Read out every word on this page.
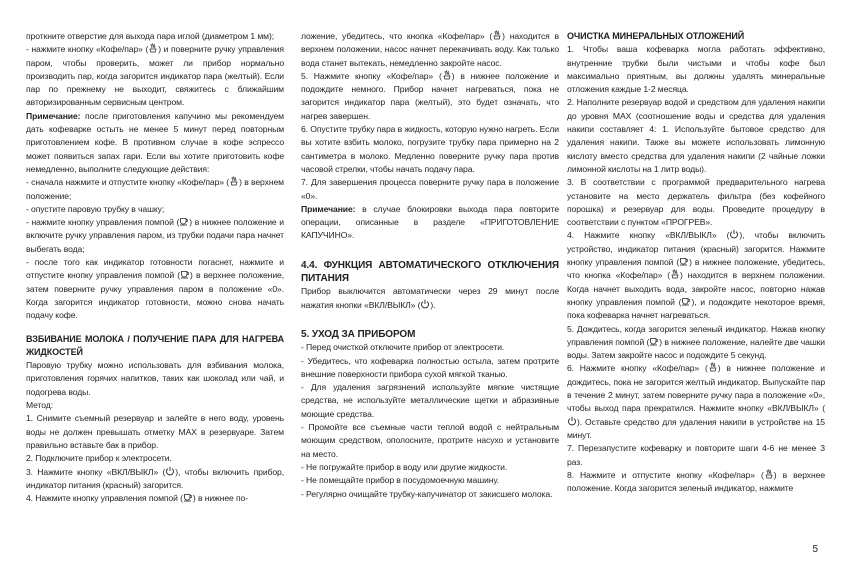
проткните отверстие для выхода пара иглой (диаметром 1 мм);

- нажмите кнопку «Кофе/пар» ( ) и поверните ручку управления паром, чтобы проверить, может ли прибор нормально производить пар, когда загорится индикатор пара (желтый). Если пар по прежнему не выходит, свяжитесь с ближайшим авторизированным сервисным центром.

Примечание: после приготовления капучино мы рекомендуем дать кофеварке остыть не менее 5 минут перед повторным приготовлением кофе. В противном случае в кофе эспрессо может появиться запах гари. Если вы хотите приготовить кофе немедленно, выполните следующие действия:

- сначала нажмите и отпустите кнопку «Кофе/пар» ( ) в верхнем положение;

- опустите паровую трубку в чашку;

- нажмите кнопку управления помпой ( ) в нижнее положение и включите ручку управления паром, из трубки подачи пара начнет выбегать вода;

- после того как индикатор готовности погаснет, нажмите и отпустите кнопку управления помпой ( ) в верхнее положение, затем поверните ручку управления паром в положение «0». Когда загорится индикатор готовности, можно снова начать подачу кофе.

ВЗБИВАНИЕ МОЛОКА / ПОЛУЧЕНИЕ ПАРА ДЛЯ НАГРЕВА ЖИДКОСТЕЙ

Паровую трубку можно использовать для взбивания молока, приготовления горячих напитков, таких как шоколад или чай, и подогрева воды.

Метод:

1. Снимите съемный резервуар и залейте в него воду, уровень воды не должен превышать отметку MAX в резервуаре. Затем правильно вставьте бак в прибор.

2. Подключите прибор к электросети.

3. Нажмите кнопку «ВКЛ/ВЫКЛ» ( ), чтобы включить прибор, индикатор питания (красный) загорится.

4. Нажмите кнопку управления помпой ( ) в нижнее по-

ложение, убедитесь, что кнопка «Кофе/пар» ( ) находится в верхнем положении, насос начнет перекачивать воду. Как только вода станет вытекать, немедленно закройте насос.

5. Нажмите кнопку «Кофе/пар» ( ) в нижнее положение и подождите немного. Прибор начнет нагреваться, пока не загорится индикатор пара (желтый), это будет означать, что нагрев завершен.

6. Опустите трубку пара в жидкость, которую нужно нагреть. Если вы хотите взбить молоко, погрузите трубку пара примерно на 2 сантиметра в молоко. Медленно поверните ручку пара против часовой стрелки, чтобы начать подачу пара.

7. Для завершения процесса поверните ручку пара в положение «0».

Примечание: в случае блокировки выхода пара повторите операции, описанные в разделе «ПРИГОТОВЛЕНИЕ КАПУЧИНО».

4.4. ФУНКЦИЯ АВТОМАТИЧЕСКОГО ОТКЛЮЧЕНИЯ ПИТАНИЯ

Прибор выключится автоматически через 29 минут после нажатия кнопки «ВКЛ/ВЫКЛ» ( ).

5. УХОД ЗА ПРИБОРОМ

- Перед очисткой отключите прибор от электросети.

- Убедитесь, что кофеварка полностью остыла, затем протрите внешние поверхности прибора сухой мягкой тканью.

- Для удаления загрязнений используйте мягкие чистящие средства, не используйте металлические щетки и абразивные моющие средства.

- Промойте все съемные части теплой водой с нейтральным моющим средством, ополосните, протрите насухо и установите на место.

- Не погружайте прибор в воду или другие жидкости.

- Не помещайте прибор в посудомоечную машину.

- Регулярно очищайте трубку-капучинатор от закисшего молока.

ОЧИСТКА МИНЕРАЛЬНЫХ ОТЛОЖЕНИЙ

1. Чтобы ваша кофеварка могла работать эффективно, внутренние трубки были чистыми и чтобы кофе был максимально приятным, вы должны удалять минеральные отложения каждые 1-2 месяца.

2. Наполните резервуар водой и средством для удаления накипи до уровня MAX (соотношение воды и средства для удаления накипи составляет 4: 1. Используйте бытовое средство для удаления накипи. Также вы можете использовать лимонную кислоту вместо средства для удаления накипи (2 чайные ложки лимонной кислоты на 1 литр воды).

3. В соответствии с программой предварительного нагрева установите на место держатель фильтра (без кофейного порошка) и резервуар для воды. Проведите процедуру в соответствии с пунктом «ПРОГРЕВ».

4. Нажмите кнопку «ВКЛ/ВЫКЛ» ( ), чтобы включить устройство, индикатор питания (красный) загорится. Нажмите кнопку управления помпой ( ) в нижнее положение, убедитесь, что кнопка «Кофе/пар» ( ) находится в верхнем положении. Когда начнет выходить вода, закройте насос, повторно нажав кнопку управления помпой ( ), и подождите некоторое время, пока кофеварка начнет нагреваться.

5. Дождитесь, когда загорится зеленый индикатор. Нажав кнопку управления помпой ( ) в нижнее положение, налейте две чашки воды. Затем закройте насос и подождите 5 секунд.

6. Нажмите кнопку «Кофе/пар» ( ) в нижнее положение и дождитесь, пока не загорится желтый индикатор. Выпускайте пар в течение 2 минут, затем поверните ручку пара в положение «0», чтобы выход пара прекратился. Нажмите кнопку «ВКЛ/ВЫКЛ» (
). Оставьте средство для удаления накипи в устройстве на 15 минут.

7. Перезапустите кофеварку и повторите шаги 4-6 не менее 3 раз.

8. Нажмите и отпустите кнопку «Кофе/пар» ( ) в верхнее положение. Когда загорится зеленый индикатор, нажмите

5
